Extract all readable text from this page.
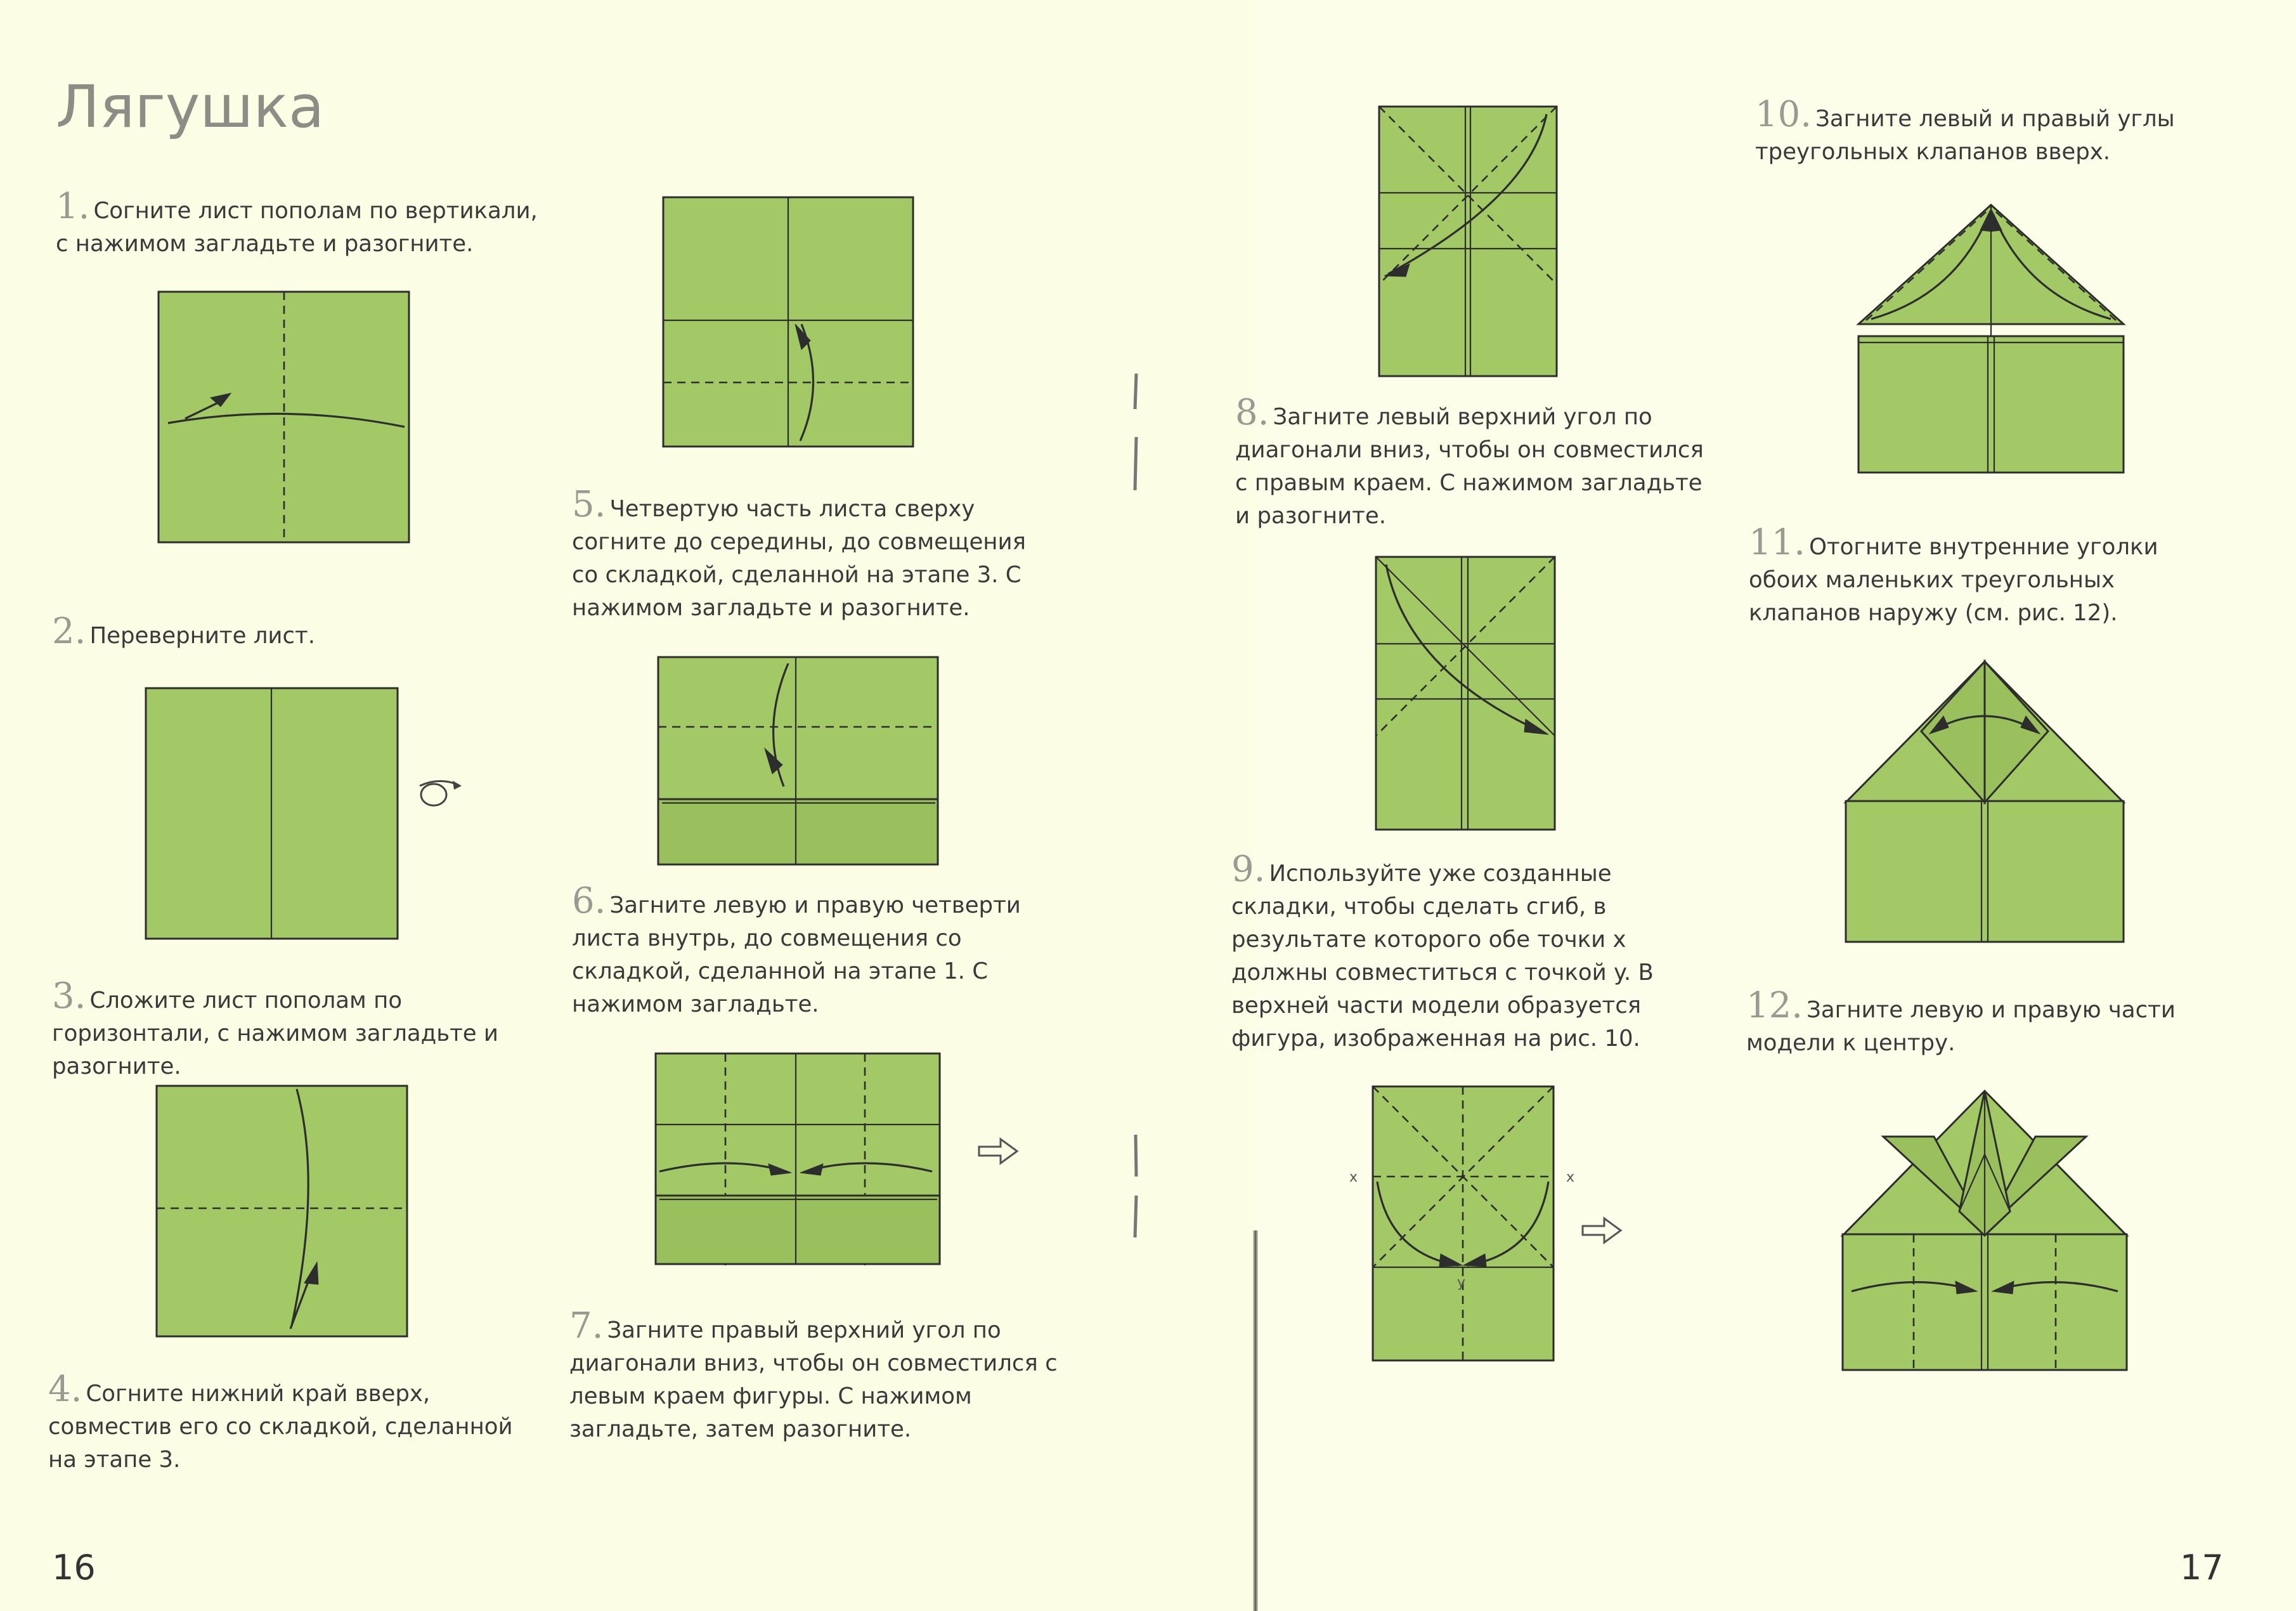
Лягушка

1. Согните лист пополам по вертикали, с нажимом загладьте и разогните.

2. Переверните лист.

3. Сложите лист пополам по горизонтали, с нажимом загладьте и разогните.

4. Согните нижний край вверх, совместив его со складкой, сделанной на этапе 3.

5. Четвертую часть листа сверху согните до середины, до совмещения со складкой, сделанной на этапе 3. С нажимом загладьте и разогните.

6. Загните левую и правую четверти листа внутрь, до совмещения со складкой, сделанной на этапе 1. С нажимом загладьте.

7. Загните правый верхний угол по диагонали вниз, чтобы он совместился с левым краем фигуры. С нажимом загладьте, затем разогните.

8. Загните левый верхний угол по диагонали вниз, чтобы он совместился с правым краем. С нажимом загладьте и разогните.

9. Используйте уже созданные складки, чтобы сделать сгиб, в результате которого обе точки x должны совместиться с точкой y. В верхней части модели образуется фигура, изображенная на рис. 10.

10. Загните левый и правый углы треугольных клапанов вверх.

11. Отогните внутренние уголки обоих маленьких треугольных клапанов наружу (см. рис. 12).

12. Загните левую и правую части модели к центру.

x	x
y

16	17
